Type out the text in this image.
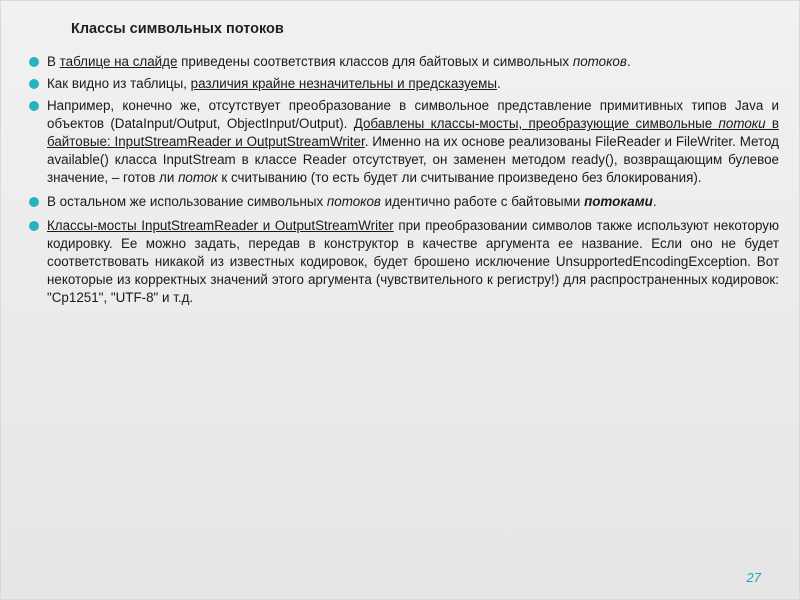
Классы символьных потоков
В таблице на слайде приведены соответствия классов для байтовых и символьных потоков.
Как видно из таблицы, различия крайне незначительны и предсказуемы.
Например, конечно же, отсутствует преобразование в символьное представление примитивных типов Java и объектов (DataInput/Output, ObjectInput/Output). Добавлены классы-мосты, преобразующие символьные потоки в байтовые: InputStreamReader и OutputStreamWriter. Именно на их основе реализованы FileReader и FileWriter. Метод available() класса InputStream в классе Reader отсутствует, он заменен методом ready(), возвращающим булевое значение, – готов ли поток к считыванию (то есть будет ли считывание произведено без блокирования).
В остальном же использование символьных потоков идентично работе с байтовыми потоками.
Классы-мосты InputStreamReader и OutputStreamWriter при преобразовании символов также используют некоторую кодировку. Ее можно задать, передав в конструктор в качестве аргумента ее название. Если оно не будет соответствовать никакой из известных кодировок, будет брошено исключение UnsupportedEncodingException. Вот некоторые из корректных значений этого аргумента (чувствительного к регистру!) для распространенных кодировок: "Cp1251", "UTF-8" и т.д.
27
